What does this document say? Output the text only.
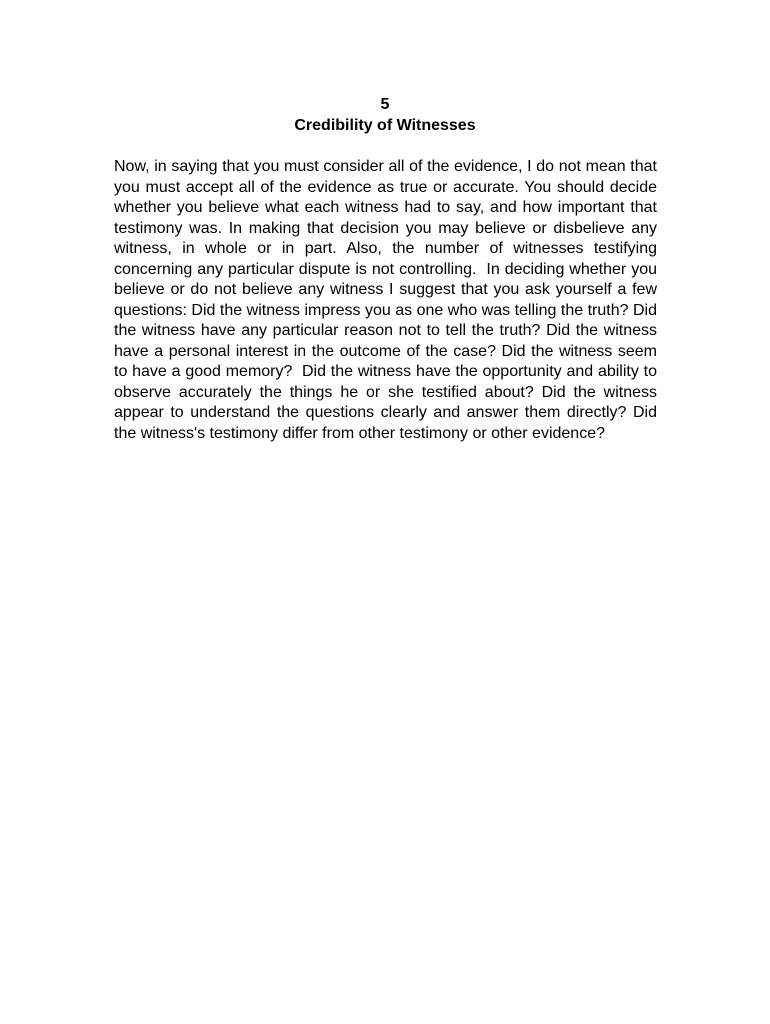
5
Credibility of Witnesses
Now, in saying that you must consider all of the evidence, I do not mean that you must accept all of the evidence as true or accurate. You should decide whether you believe what each witness had to say, and how important that testimony was. In making that decision you may believe or disbelieve any witness, in whole or in part. Also, the number of witnesses testifying concerning any particular dispute is not controlling.  In deciding whether you believe or do not believe any witness I suggest that you ask yourself a few questions: Did the witness impress you as one who was telling the truth? Did the witness have any particular reason not to tell the truth? Did the witness have a personal interest in the outcome of the case? Did the witness seem to have a good memory?  Did the witness have the opportunity and ability to observe accurately the things he or she testified about? Did the witness appear to understand the questions clearly and answer them directly? Did the witness's testimony differ from other testimony or other evidence?
